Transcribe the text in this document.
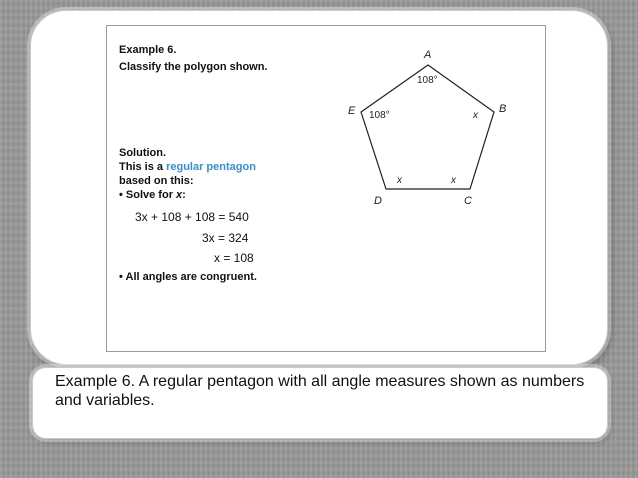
Example 6.
Classify the polygon shown.
Solution.
This is a regular pentagon
based on this:
• Solve for x:
3x + 108 + 108 = 540
3x = 324
x = 108
• All angles are congruent.
A
B
C
D
E
108°
108°	x
x
x
Example 6. A regular pentagon with all angle measures shown as numbers and variables.
